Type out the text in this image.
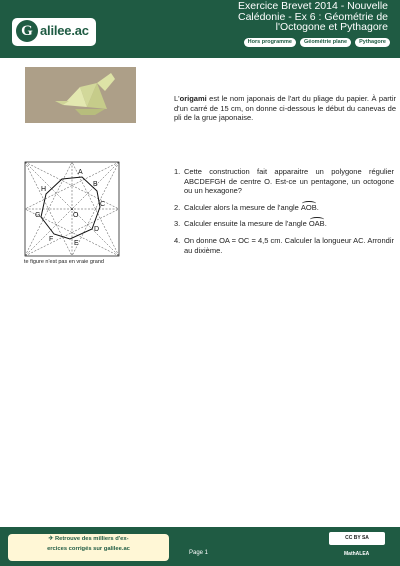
G alilee.ac
Exercice Brevet 2014 - Nouvelle
Calédonie - Ex 6 : Géométrie de
l'Octogone et Pythagore
Hors programme	Géométrie plane	Pythagore
L'origami est le nom japonais de l'art du pliage du papier. À partir d'un carré de 15 cm, on donne ci-dessous le début du canevas de pli de la grue japonaise.
A
B
C
D
E
F
G
H
O
te figure n'est pas en vraie grand
1. Cette construction fait apparaitre un polygone régulier ABCDEFGH de centre O. Est-ce un pentagone, un octogone ou un hexagone?
2. Calculer alors la mesure de l'angle AOB.
3. Calculer ensuite la mesure de l'angle OAB.
4. On donne OA = OC = 4,5 cm. Calculer la longueur AC. Arrondir au dixième.
✈ Retrouve des milliers d'ex-
ercices corrigés sur galilee.ac
Page 1
CC BY SA
MathALEA
